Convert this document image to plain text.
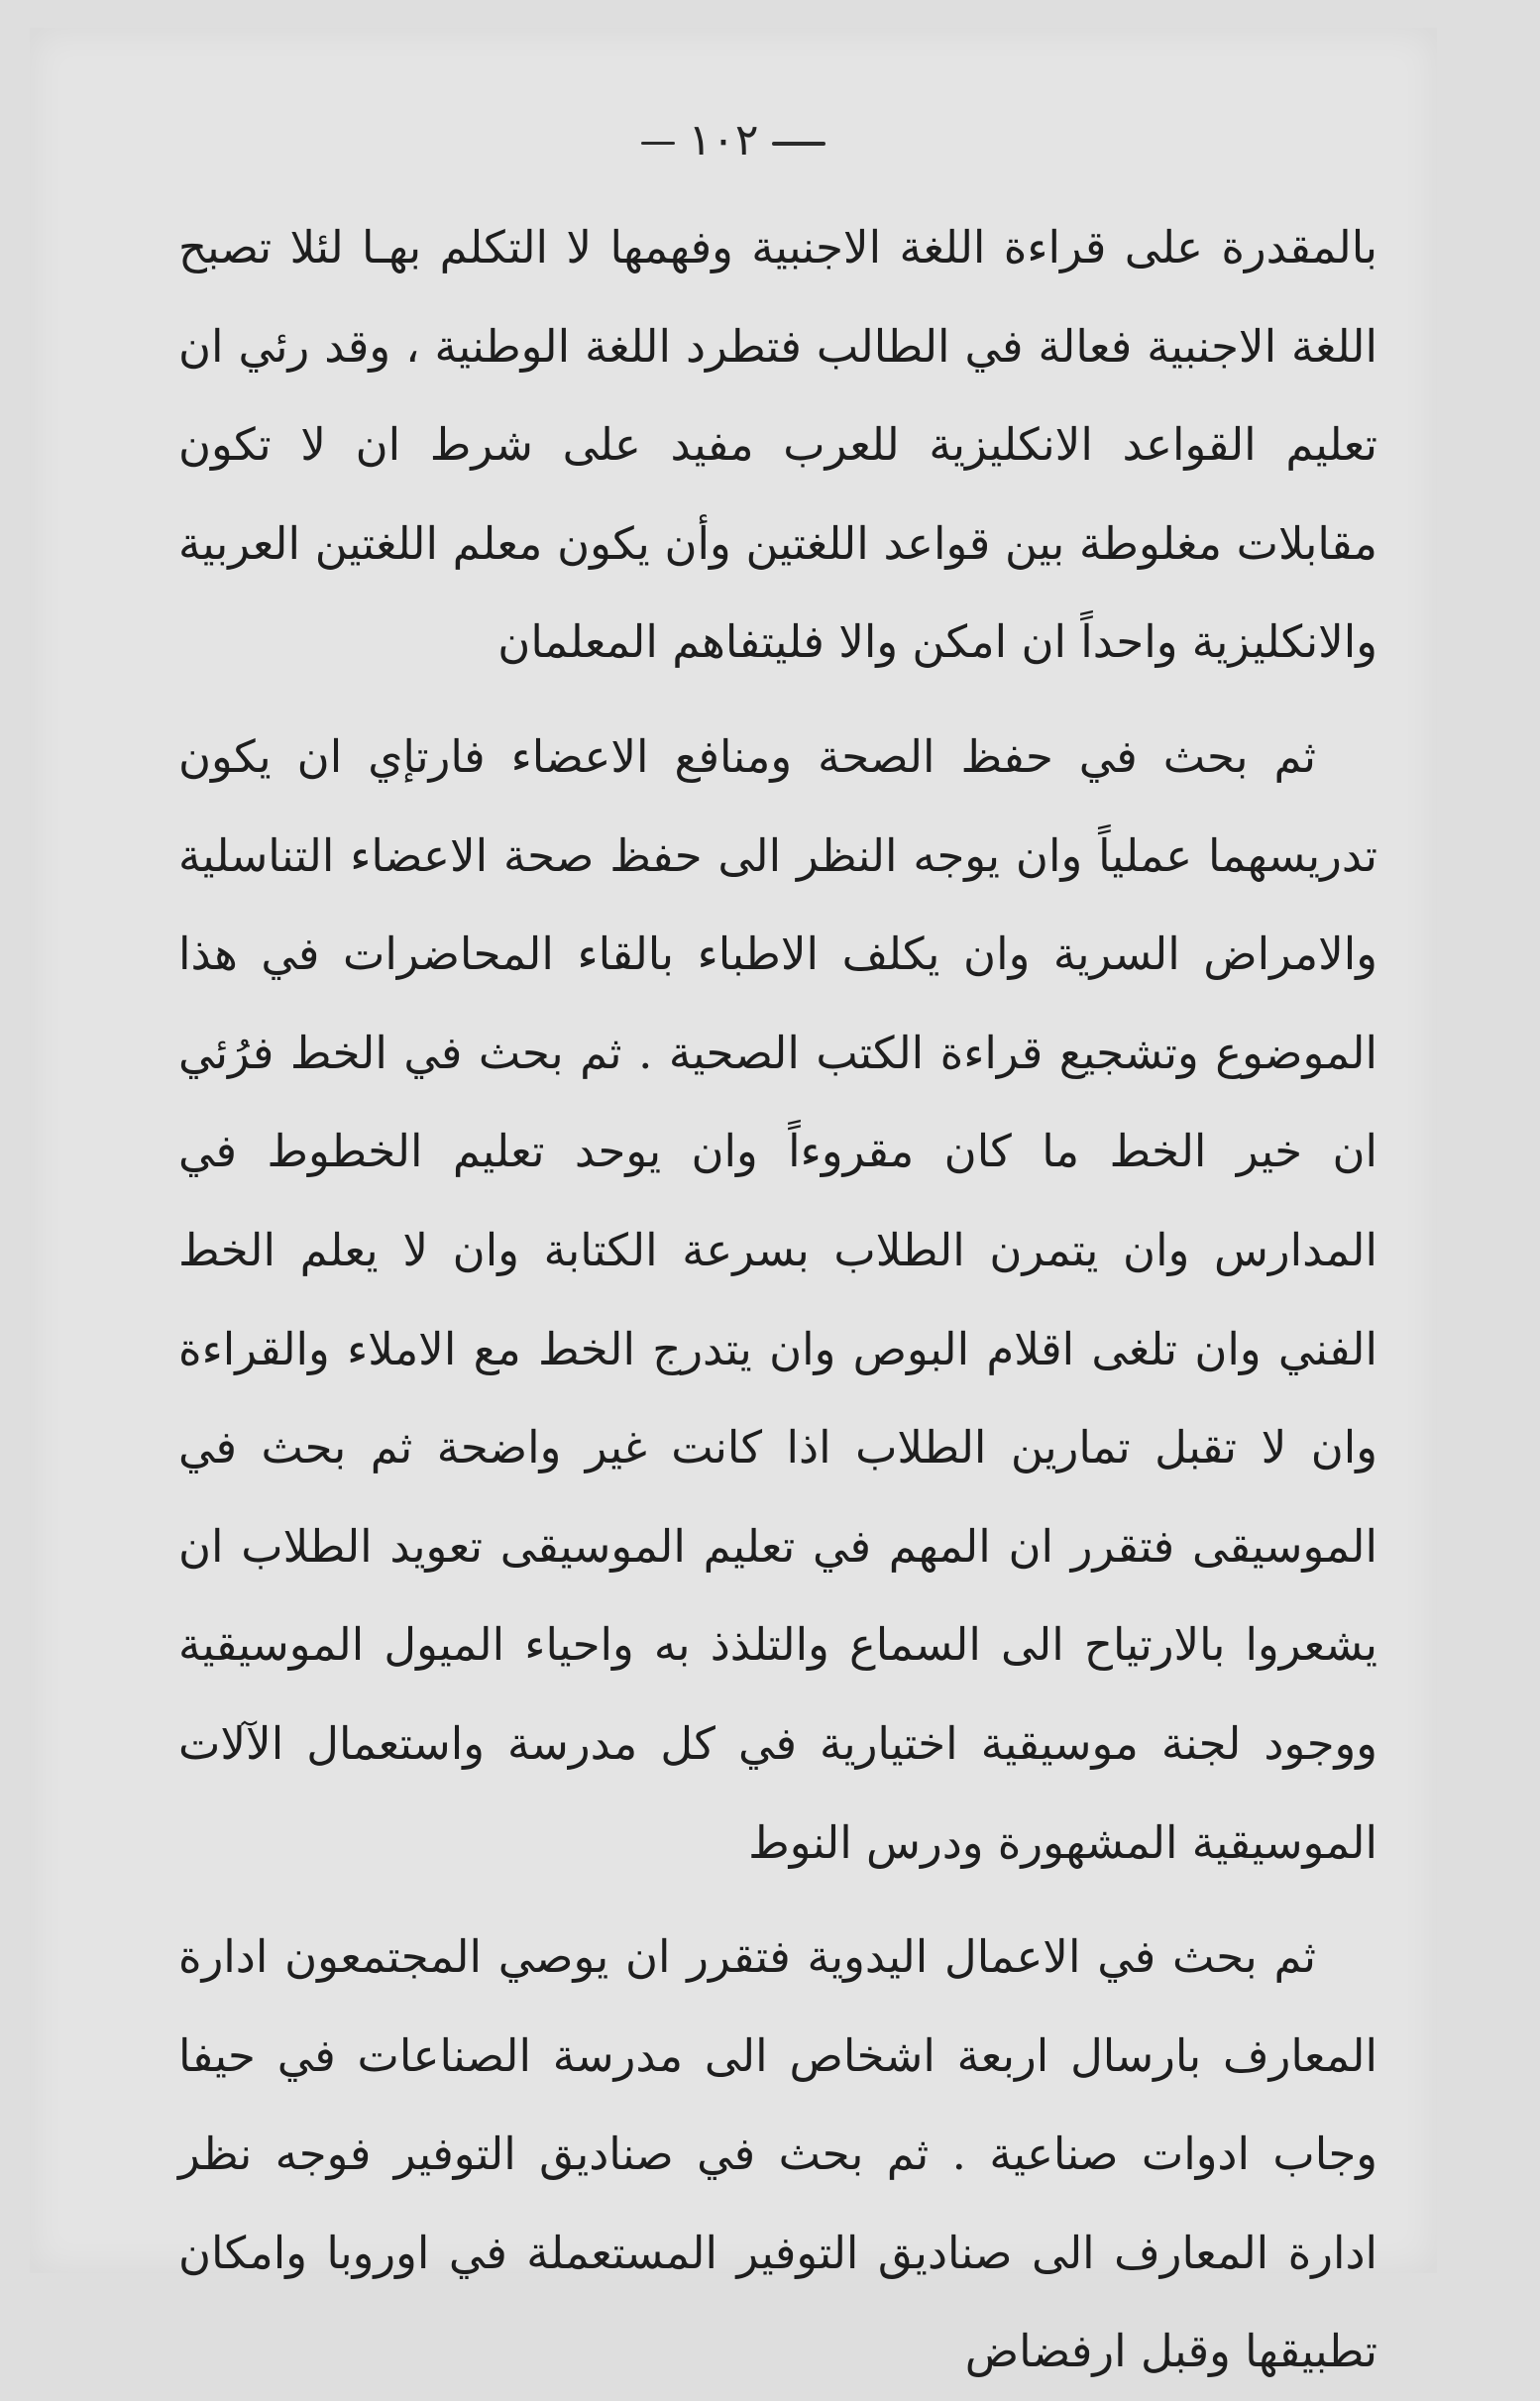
١٠٢

بالمقدرة على قراءة اللغة الاجنبية وفهمها لا التكلم بهـا لئلا تصبح اللغة الاجنبية فعالة في الطالب فتطرد اللغة الوطنية ، وقد رئي ان تعليم القواعد الانكليزية للعرب مفيد على شرط ان لا تكون مقابلات مغلوطة بين قواعد اللغتين وأن يكون معلم اللغتين العربية والانكليزية واحداً ان امكن والا فليتفاهم المعلمان

ثم بحث في حفظ الصحة ومنافع الاعضاء فارتإي ان يكون تدريسهما عملياً وان يوجه النظر الى حفظ صحة الاعضاء التناسلية والامراض السرية وان يكلف الاطباء بالقاء المحاضرات في هذا الموضوع وتشجيع قراءة الكتب الصحية . ثم بحث في الخط فرُئي ان خير الخط ما كان مقروءاً وان يوحد تعليم الخطوط في المدارس وان يتمرن الطلاب بسرعة الكتابة وان لا يعلم الخط الفني وان تلغى اقلام البوص وان يتدرج الخط مع الاملاء والقراءة وان لا تقبل تمارين الطلاب اذا كانت غير واضحة ثم بحث في الموسيقى فتقرر ان المهم في تعليم الموسيقى تعويد الطلاب ان يشعروا بالارتياح الى السماع والتلذذ به واحياء الميول الموسيقية ووجود لجنة موسيقية اختيارية في كل مدرسة واستعمال الآلات الموسيقية المشهورة ودرس النوط

ثم بحث في الاعمال اليدوية فتقرر ان يوصي المجتمعون ادارة المعارف بارسال اربعة اشخاص الى مدرسة الصناعات في حيفا وجاب ادوات صناعية . ثم بحث في صناديق التوفير فوجه نظر ادارة المعارف الى صناديق التوفير المستعملة في اوروبا وامكان تطبيقها وقبل ارفضاض
